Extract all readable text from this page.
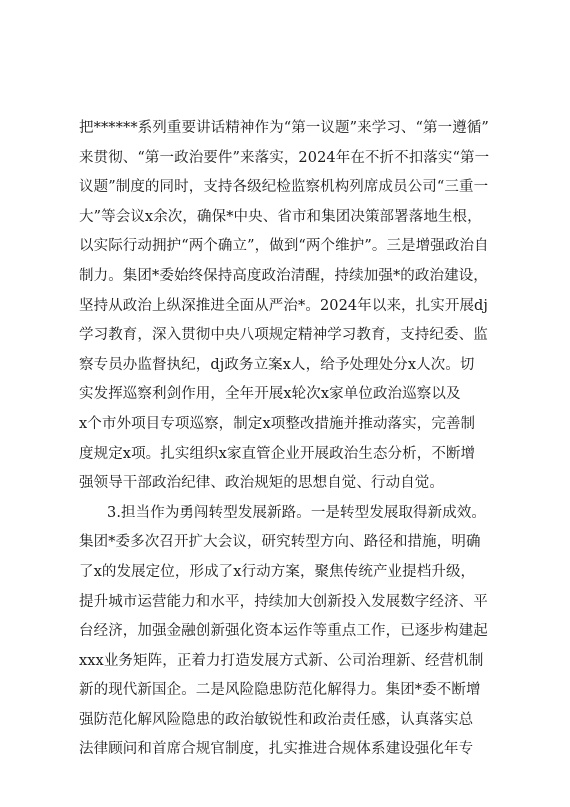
把******系列重要讲话精神作为“第一议题”来学习、“第一遵循”
来贯彻、“第一政治要件”来落实，2024年在不折不扣落实“第一
议题”制度的同时，支持各级纪检监察机构列席成员公司“三重一
大”等会议x余次，确保*中央、省市和集团决策部署落地生根，
以实际行动拥护“两个确立”，做到“两个维护”。三是增强政治自
制力。集团*委始终保持高度政治清醒，持续加强*的政治建设，
坚持从政治上纵深推进全面从严治*。2024年以来，扎实开展dj
学习教育，深入贯彻中央八项规定精神学习教育，支持纪委、监
察专员办监督执纪，dj政务立案x人，给予处理处分x人次。切
实发挥巡察利剑作用，全年开展x轮次x家单位政治巡察以及
x个市外项目专项巡察，制定x项整改措施并推动落实，完善制
度规定x项。扎实组织x家直管企业开展政治生态分析，不断增
强领导干部政治纪律、政治规矩的思想自觉、行动自觉。
3.担当作为勇闯转型发展新路。一是转型发展取得新成效。
集团*委多次召开扩大会议，研究转型方向、路径和措施，明确
了x的发展定位，形成了x行动方案，聚焦传统产业提档升级，
提升城市运营能力和水平，持续加大创新投入发展数字经济、平
台经济，加强金融创新强化资本运作等重点工作，已逐步构建起
xxx业务矩阵，正着力打造发展方式新、公司治理新、经营机制
新的现代新国企。二是风险隐患防范化解得力。集团*委不断增
强防范化解风险隐患的政治敏锐性和政治责任感，认真落实总
法律顾问和首席合规官制度，扎实推进合规体系建设强化年专
